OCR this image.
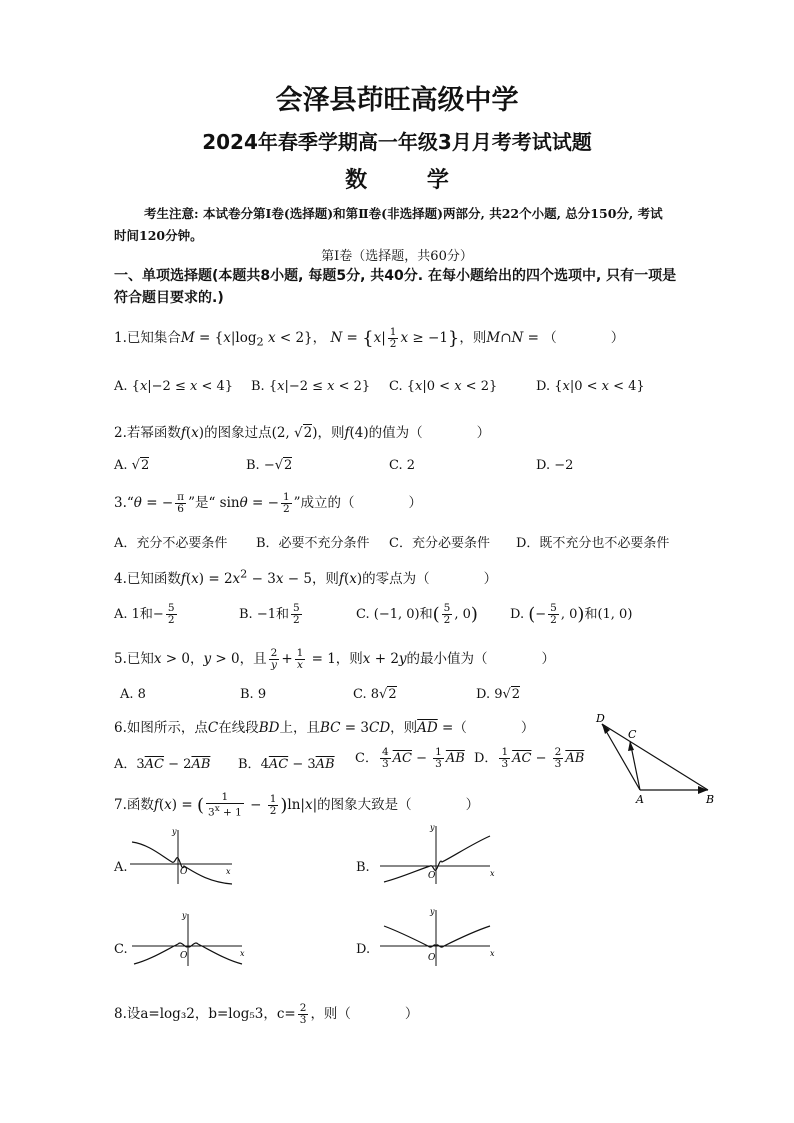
会泽县茚旺高级中学
2024年春季学期高一年级3月月考考试试题
数 学
考生注意: 本试卷分第Ⅰ卷(选择题)和第Ⅱ卷(非选择题)两部分, 共22个小题, 总分150分, 考试时间120分钟。
第Ⅰ卷（选择题，共60分）
一、单项选择题(本题共8小题, 每题5分, 共40分. 在每小题给出的四个选项中, 只有一项是符合题目要求的.)
1.已知集合$M = \{x|\log_2$ x < 2}， $N = \{x| \frac{1}{2}$ x ≥ −1}，则M∩N = （　　　　）
A. {x|−2 ≤ x < 4} B. {x|−2 ≤ x < 2} C. {x|0 < x < 2}	D. {x|0 < x < 4}
2.若幂函数f(x)的图象过点(2, √2)，则f(4)的值为（　　　　）
A. √2	B. −√2	C. 2	D. −2
3.“θ = − $\frac{\pi}{6}$ ”是“ sinθ = − $\frac{1}{2}$ ”成立的（　　　　）
A．充分不必要条件 B．必要不充分条件 C．充分必要条件 D．既不充分也不必要条件
4.已知函数$f(x) = 2x^2 - 3x - 5$，则f(x)的零点为（　　　　）
A. 1和− $\frac{5}{2}$	B. −1和 $\frac{5}{2}$	C. (−1, 0)和( $\frac{5}{2}$ , 0) D. (− $\frac{5}{2}$ , 0)和(1, 0)
5.已知x > 0，y > 0，且 $\frac{2}{y} + \frac{1}{x} = 1$，则x + 2y的最小值为（　　　　）
A. 8	B. 9	C. 8√2	D. 9√2
6.如图所示，点C在线段BD上，且BC = 3CD，则$\overline{AD}$ =（　　　　）
A．$3\overline{AC} - 2\overline{AB}$ B．$4\overline{AC} - 3\overline{AB}$ C． $\frac{4}{3} \overline{AC} - \frac{1}{3} \overline{AB}$ D． $\frac{1}{3} \overline{AC} - \frac{2}{3} \overline{AB}$
D
C
A	B
7.函数f(x) = ( $\frac{1}{3^x + 1} - \frac{1}{2} )\ln|x|$的图象大致是（　　　　）
A.	B.
C.	D.
y
x
O
y
x
O
y
x
O
y
x
O
8.设a=log₃2，b=log₅3，$c= \frac{2}{3}$ ，则（　　　　）
